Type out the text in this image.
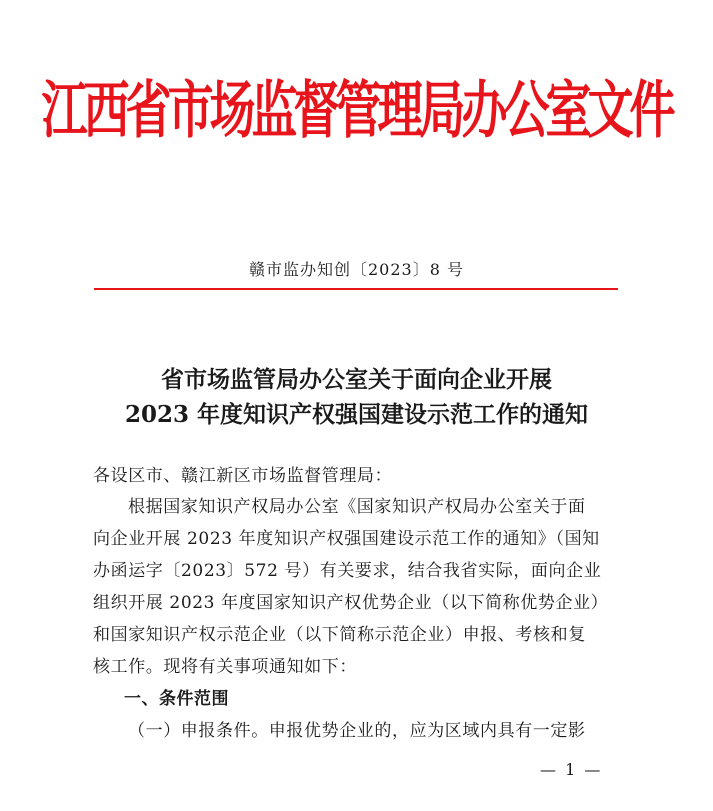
江西省市场监督管理局办公室文件
赣市监办知创〔2023〕8 号
省市场监管局办公室关于面向企业开展
2023 年度知识产权强国建设示范工作的通知
各设区市、赣江新区市场监督管理局：
根据国家知识产权局办公室《国家知识产权局办公室关于面
向企业开展 2023 年度知识产权强国建设示范工作的通知》（国知
办函运字〔2023〕572 号）有关要求，结合我省实际，面向企业
组织开展 2023 年度国家知识产权优势企业（以下简称优势企业）
和国家知识产权示范企业（以下简称示范企业）申报、考核和复
核工作。现将有关事项通知如下：
一、条件范围
（一）申报条件。申报优势企业的，应为区域内具有一定影
— 1 —
